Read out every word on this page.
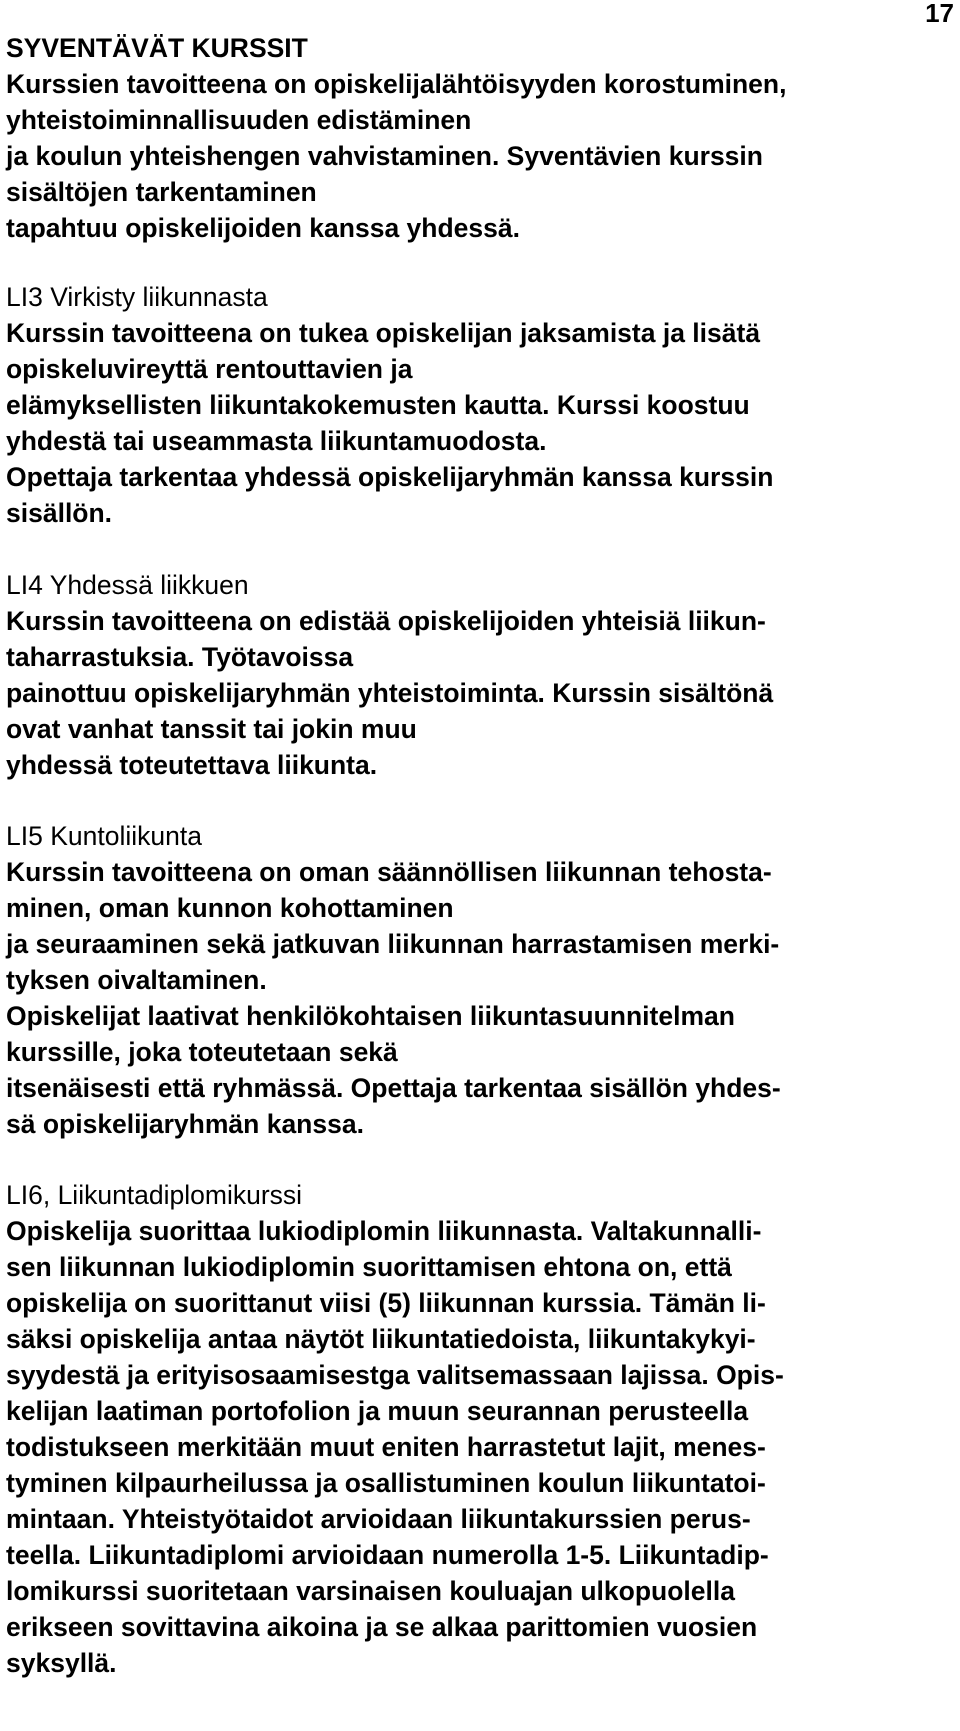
17
SYVENTÄVÄT KURSSIT
Kurssien tavoitteena on opiskelijalähtöisyyden korostuminen,
yhteistoiminnallisuuden edistäminen
ja koulun yhteishengen vahvistaminen. Syventävien kurssin
sisältöjen tarkentaminen
tapahtuu opiskelijoiden kanssa yhdessä.
LI3 Virkisty liikunnasta
Kurssin tavoitteena on tukea opiskelijan jaksamista ja lisätä
opiskeluvireyttä rentouttavien ja
elämyksellisten liikuntakokemusten kautta. Kurssi koostuu
yhdestä tai useammasta liikuntamuodosta.
Opettaja tarkentaa yhdessä opiskelijaryhmän kanssa kurssin
sisällön.
LI4 Yhdessä liikkuen
Kurssin tavoitteena on edistää opiskelijoiden yhteisiä liikun-
taharrastuksia. Työtavoissa
painottuu opiskelijaryhmän yhteistoiminta. Kurssin sisältönä
ovat vanhat tanssit tai jokin muu
yhdessä toteutettava liikunta.
LI5 Kuntoliikunta
Kurssin tavoitteena on oman säännöllisen liikunnan tehosta-
minen, oman kunnon kohottaminen
ja seuraaminen sekä jatkuvan liikunnan harrastamisen merki-
tyksen oivaltaminen.
Opiskelijat laativat henkilökohtaisen liikuntasuunnitelman
kurssille, joka toteutetaan sekä
itsenäisesti että ryhmässä. Opettaja tarkentaa sisällön yhdes-
sä opiskelijaryhmän kanssa.
LI6, Liikuntadiplomikurssi
Opiskelija suorittaa lukiodiplomin liikunnasta. Valtakunnalli-
sen liikunnan lukiodiplomin suorittamisen ehtona on, että
opiskelija on suorittanut viisi (5) liikunnan kurssia. Tämän li-
säksi opiskelija antaa näytöt liikuntatiedoista, liikuntakykyi-
syydestä ja erityisosaamisestga valitsemassaan lajissa. Opis-
kelijan laatiman portofolion ja muun seurannan perusteella
todistukseen merkitään muut eniten harrastetut lajit, menes-
tyminen kilpaurheilussa ja osallistuminen koulun liikuntatoi-
mintaan. Yhteistyötaidot arvioidaan liikuntakurssien perus-
teella. Liikuntadiplomi arvioidaan numerolla 1-5. Liikuntadip-
lomikurssi suoritetaan varsinaisen kouluajan ulkopuolella
erikseen sovittavina aikoina ja se alkaa parittomien vuosien
syksyllä.
